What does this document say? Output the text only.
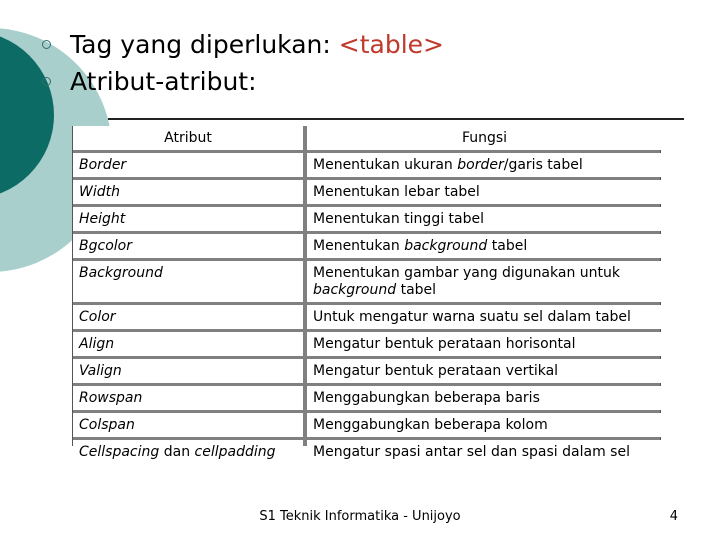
Tag yang diperlukan: <table>
Atribut-atribut:
Atribut	Fungsi
Border	Menentukan ukuran border/garis tabel
Width	Menentukan lebar tabel
Height	Menentukan tinggi tabel
Bgcolor	Menentukan background tabel
Background	Menentukan gambar yang digunakan untuk background tabel
Color	Untuk mengatur warna suatu sel dalam tabel
Align	Mengatur bentuk perataan horisontal
Valign	Mengatur bentuk perataan vertikal
Rowspan	Menggabungkan beberapa baris
Colspan	Menggabungkan beberapa kolom
Cellspacing dan cellpadding	Mengatur spasi antar sel dan spasi dalam sel
S1 Teknik Informatika - Unijoyo	4
